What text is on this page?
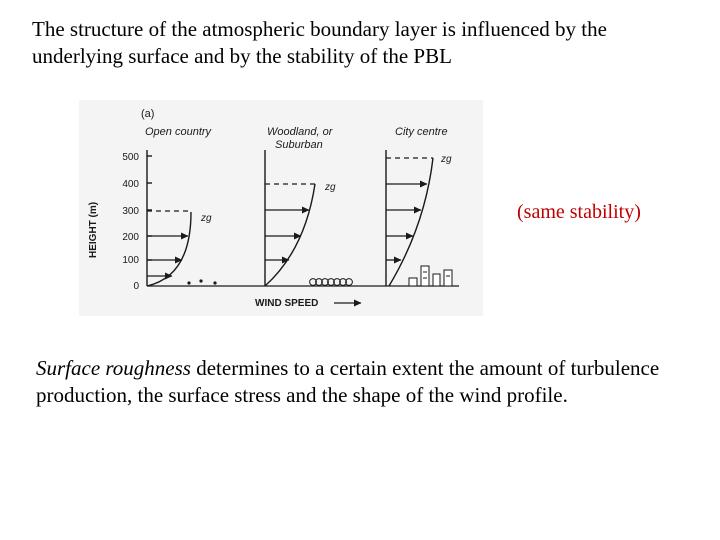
The structure of the atmospheric boundary layer is influenced by the underlying surface and by the stability of the PBL

(a)
Open country	Woodland, or
Suburban
City centre
HEIGHT (m)
500
400
300
200
100
0
zg
zg
zg
WIND SPEED

(same stability)

Surface roughness determines to a certain extent the amount of turbulence production, the surface stress and the shape of the wind profile.
